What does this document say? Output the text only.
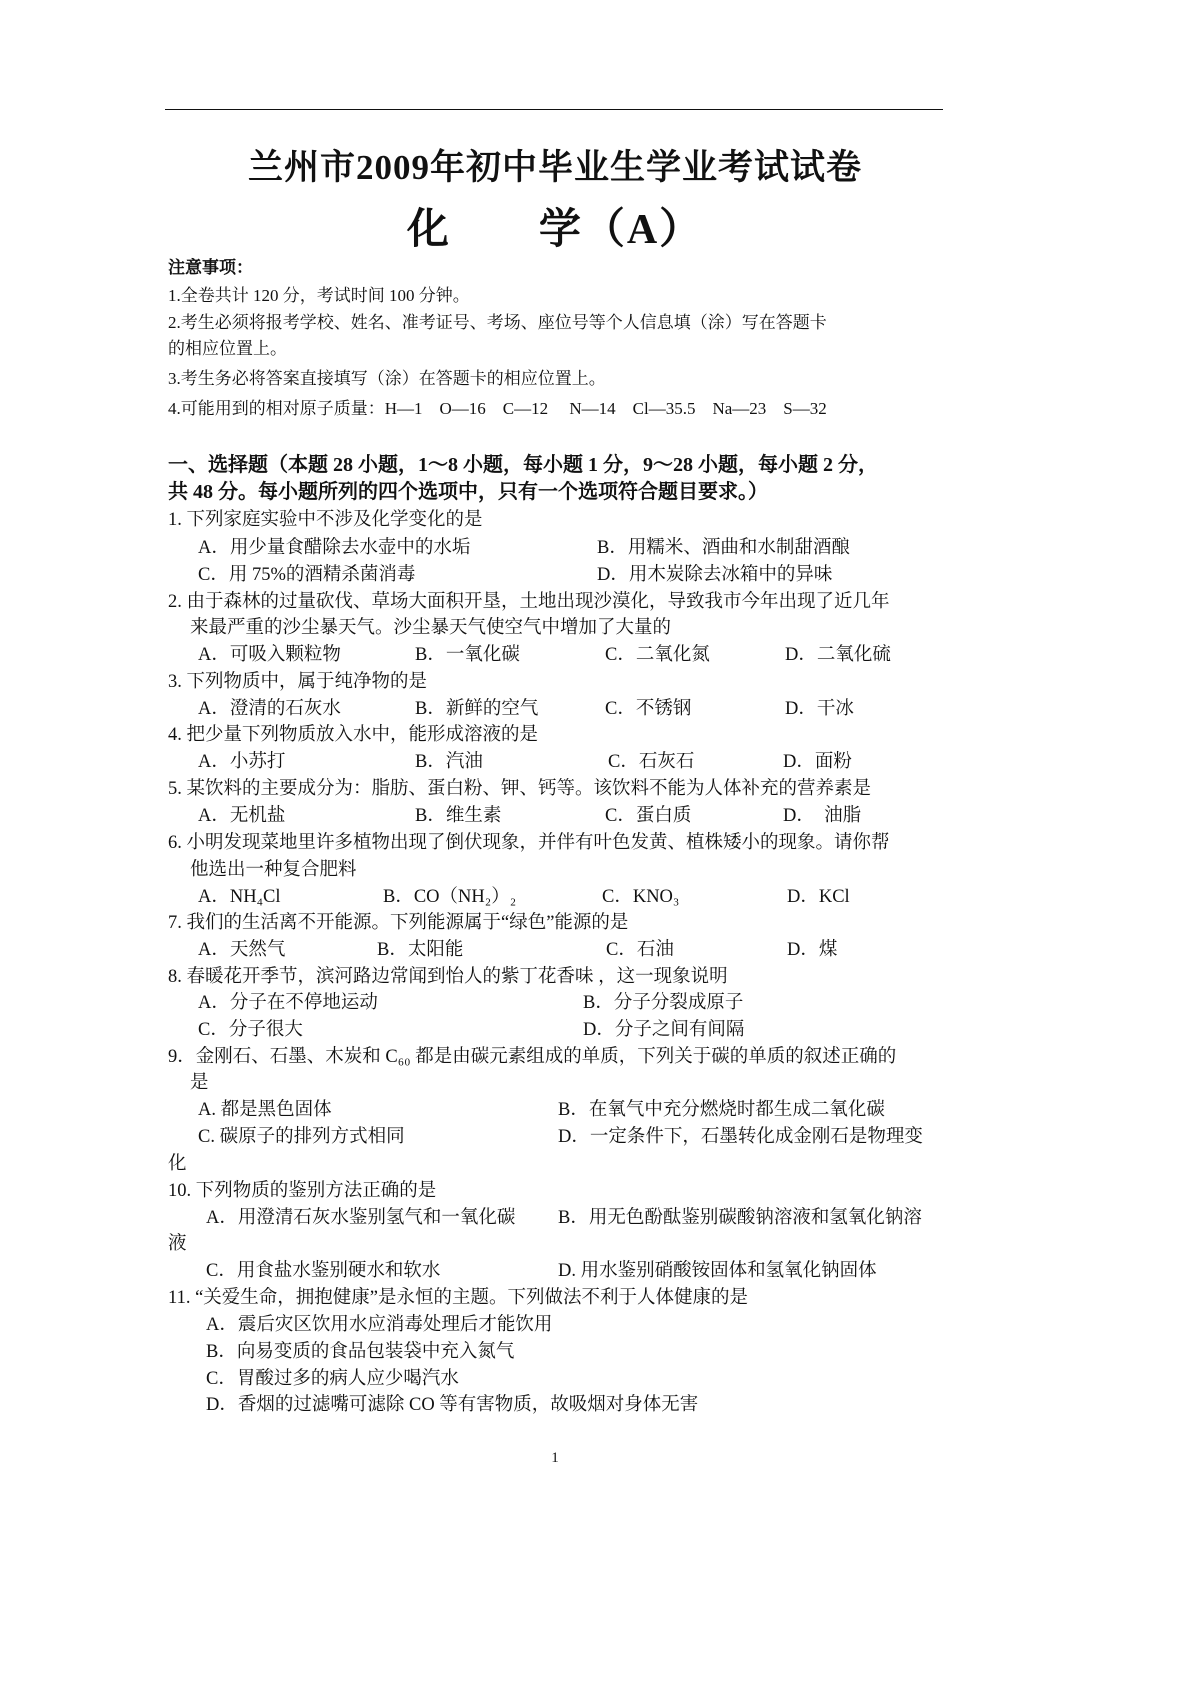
兰州市2009年初中毕业生学业考试试卷
化　　学（A）
注意事项：
1.全卷共计 120 分，考试时间 100 分钟。
2.考生必须将报考学校、姓名、准考证号、考场、座位号等个人信息填（涂）写在答题卡
的相应位置上。
3.考生务必将答案直接填写（涂）在答题卡的相应位置上。
4.可能用到的相对原子质量：H—1　O—16　C—12　 N—14　Cl—35.5　Na—23　S—32
一、选择题（本题 28 小题，1～8 小题，每小题 1 分，9～28 小题，每小题 2 分，
共 48 分。每小题所列的四个选项中，只有一个选项符合题目要求。）
1. 下列家庭实验中不涉及化学变化的是
A．用少量食醋除去水壶中的水垢	B．用糯米、酒曲和水制甜酒酿
C．用 75%的酒精杀菌消毒	D．用木炭除去冰箱中的异味
2. 由于森林的过量砍伐、草场大面积开垦，土地出现沙漠化，导致我市今年出现了近几年
来最严重的沙尘暴天气。沙尘暴天气使空气中增加了大量的
A．可吸入颗粒物	B．一氧化碳	C．二氧化氮	D．二氧化硫
3. 下列物质中，属于纯净物的是
A．澄清的石灰水	B．新鲜的空气	C．不锈钢	D．干冰
4. 把少量下列物质放入水中，能形成溶液的是
A．小苏打	B．汽油	C．石灰石	D．面粉
5. 某饮料的主要成分为：脂肪、蛋白粉、钾、钙等。该饮料不能为人体补充的营养素是
A．无机盐	B．维生素	C．蛋白质	D．　油脂
6. 小明发现菜地里许多植物出现了倒伏现象，并伴有叶色发黄、植株矮小的现象。请你帮
他选出一种复合肥料
A．NH₄Cl	B．CO（NH₂）₂	C．KNO₃	D．KCl
7. 我们的生活离不开能源。下列能源属于“绿色”能源的是
A．天然气	B．太阳能	C．石油	D．煤
8. 春暖花开季节，滨河路边常闻到怡人的紫丁花香味 ，这一现象说明
A．分子在不停地运动	B．分子分裂成原子
C．分子很大	D．分子之间有间隔
9．金刚石、石墨、木炭和 C₆₀ 都是由碳元素组成的单质，下列关于碳的单质的叙述正确的
是
A. 都是黑色固体	B．在氧气中充分燃烧时都生成二氧化碳
C. 碳原子的排列方式相同	D．一定条件下，石墨转化成金刚石是物理变
化
10. 下列物质的鉴别方法正确的是
A．用澄清石灰水鉴别氢气和一氧化碳 B．用无色酚酞鉴别碳酸钠溶液和氢氧化钠溶
液
C．用食盐水鉴别硬水和软水	D. 用水鉴别硝酸铵固体和氢氧化钠固体
11. “关爱生命，拥抱健康”是永恒的主题。下列做法不利于人体健康的是
A．震后灾区饮用水应消毒处理后才能饮用
B．向易变质的食品包装袋中充入氮气
C．胃酸过多的病人应少喝汽水
D．香烟的过滤嘴可滤除 CO 等有害物质，故吸烟对身体无害
1
